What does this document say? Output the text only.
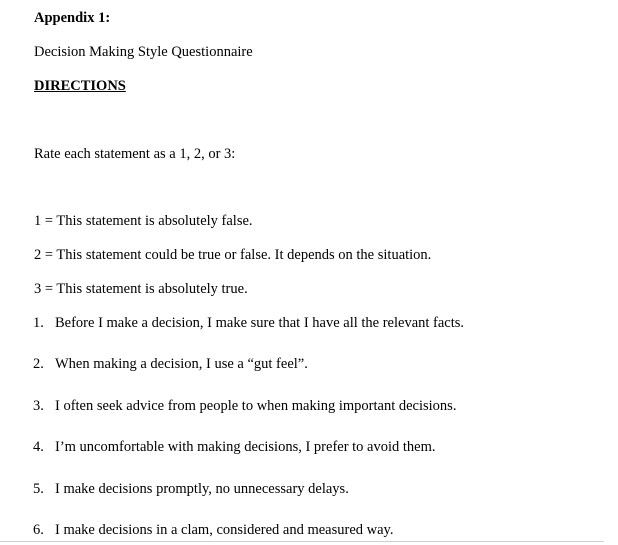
Appendix 1:
Decision Making Style Questionnaire
DIRECTIONS
Rate each statement as a 1, 2, or 3:
1 = This statement is absolutely false.
2 = This statement could be true or false. It depends on the situation.
3 = This statement is absolutely true.
1. Before I make a decision, I make sure that I have all the relevant facts.
2. When making a decision, I use a “gut feel”.
3. I often seek advice from people to when making important decisions.
4. I’m uncomfortable with making decisions, I prefer to avoid them.
5. I make decisions promptly, no unnecessary delays.
6. I make decisions in a clam, considered and measured way.
